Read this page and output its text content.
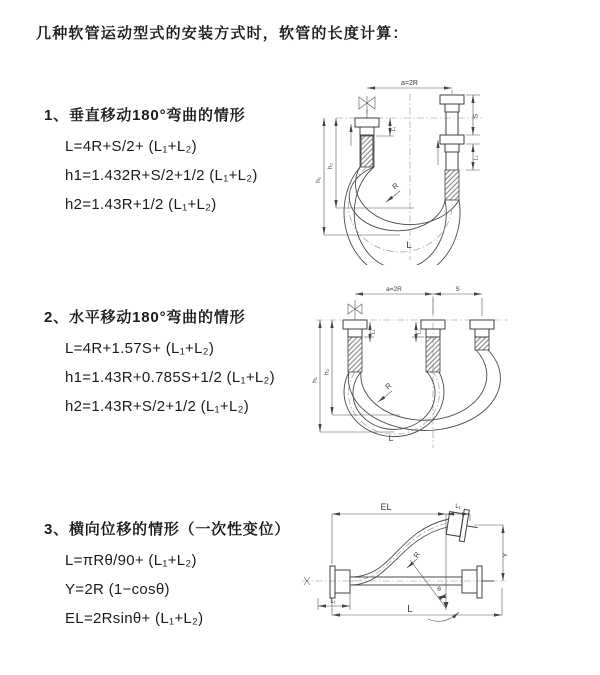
几种软管运动型式的安装方式时，软管的长度计算：
1、垂直移动180°弯曲的情形
L=4R+S/2+ (L₁+L₂)
h1=1.432R+S/2+1/2 (L₁+L₂)
h2=1.43R+1/2 (L₁+L₂)
a=2R
h₁
h₂
L₁
S
L₁
R
L
2、水平移动180°弯曲的情形
L=4R+1.57S+ (L₁+L₂)
h1=1.43R+0.785S+1/2 (L₁+L₂)
h2=1.43R+S/2+1/2 (L₁+L₂)
a=2R	S
h₁
h₂
L₁	L₁
R
L
3、横向位移的情形（一次性变位）
L=πRθ/90+ (L₁+L₂)
Y=2R (1−cosθ)
EL=2Rsinθ+ (L₁+L₂)
EL	L₁
Y
R
θ
L
L₁
